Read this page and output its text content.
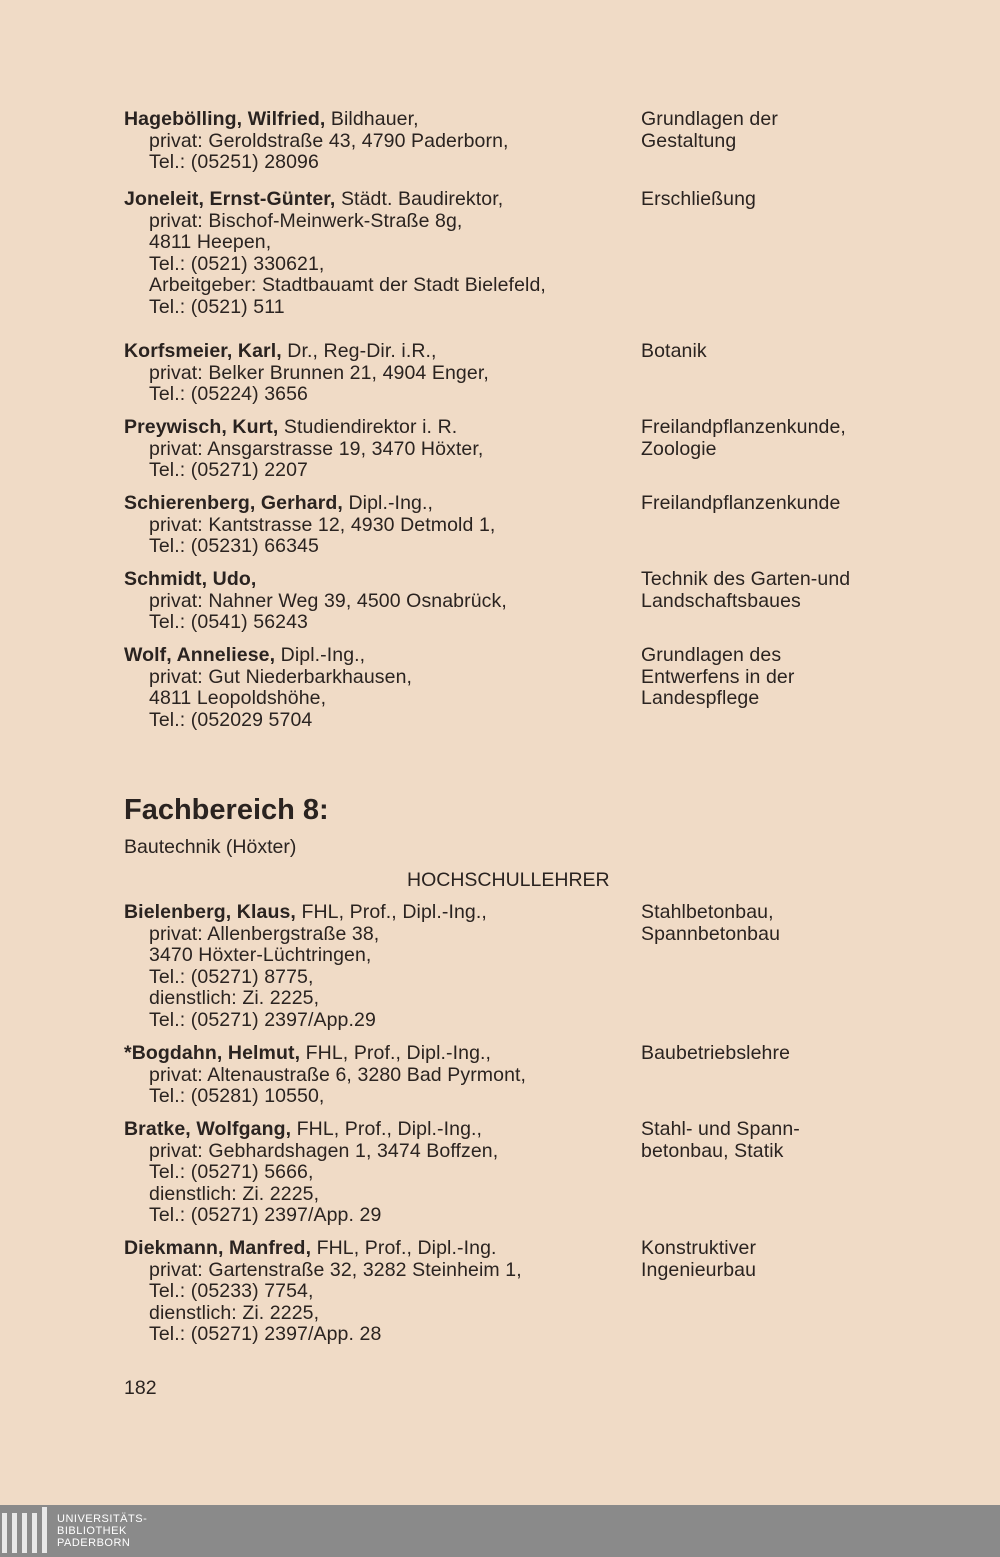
Hagebölling, Wilfried, Bildhauer,
privat: Geroldstraße 43, 4790 Paderborn,
Tel.: (05251) 28096
Grundlagen der
Gestaltung
Joneleit, Ernst-Günter, Städt. Baudirektor,
privat: Bischof-Meinwerk-Straße 8g,
4811 Heepen,
Tel.: (0521) 330621,
Arbeitgeber: Stadtbauamt der Stadt Bielefeld,
Tel.: (0521) 511
Erschließung
Korfsmeier, Karl, Dr., Reg-Dir. i.R.,
privat: Belker Brunnen 21, 4904 Enger,
Tel.: (05224) 3656
Botanik
Preywisch, Kurt, Studiendirektor i. R.
privat: Ansgarstrasse 19, 3470 Höxter,
Tel.: (05271) 2207
Freilandpflanzenkunde,
Zoologie
Schierenberg, Gerhard, Dipl.-Ing.,
privat: Kantstrasse 12, 4930 Detmold 1,
Tel.: (05231) 66345
Freilandpflanzenkunde
Schmidt, Udo,
privat: Nahner Weg 39, 4500 Osnabrück,
Tel.: (0541) 56243
Technik des Garten-und
Landschaftsbaues
Wolf, Anneliese, Dipl.-Ing.,
privat: Gut Niederbarkhausen,
4811 Leopoldshöhe,
Tel.: (052029 5704
Grundlagen des
Entwerfens in der
Landespflege
Fachbereich 8:
Bautechnik (Höxter)
HOCHSCHULLEHRER
Bielenberg, Klaus, FHL, Prof., Dipl.-Ing.,
privat: Allenbergstraße 38,
3470 Höxter-Lüchtringen,
Tel.: (05271) 8775,
dienstlich: Zi. 2225,
Tel.: (05271) 2397/App.29
Stahlbetonbau,
Spannbetonbau
*Bogdahn, Helmut, FHL, Prof., Dipl.-Ing.,
privat: Altenaustraße 6, 3280 Bad Pyrmont,
Tel.: (05281) 10550,
Baubetriebslehre
Bratke, Wolfgang, FHL, Prof., Dipl.-Ing.,
privat: Gebhardshagen 1, 3474 Boffzen,
Tel.: (05271) 5666,
dienstlich: Zi. 2225,
Tel.: (05271) 2397/App. 29
Stahl- und Spann-
betonbau, Statik
Diekmann, Manfred, FHL, Prof., Dipl.-Ing.
privat: Gartenstraße 32, 3282 Steinheim 1,
Tel.: (05233) 7754,
dienstlich: Zi. 2225,
Tel.: (05271) 2397/App. 28
Konstruktiver
Ingenieurbau
182
UNIVERSITÄTS-
BIBLIOTHEK
PADERBORN
